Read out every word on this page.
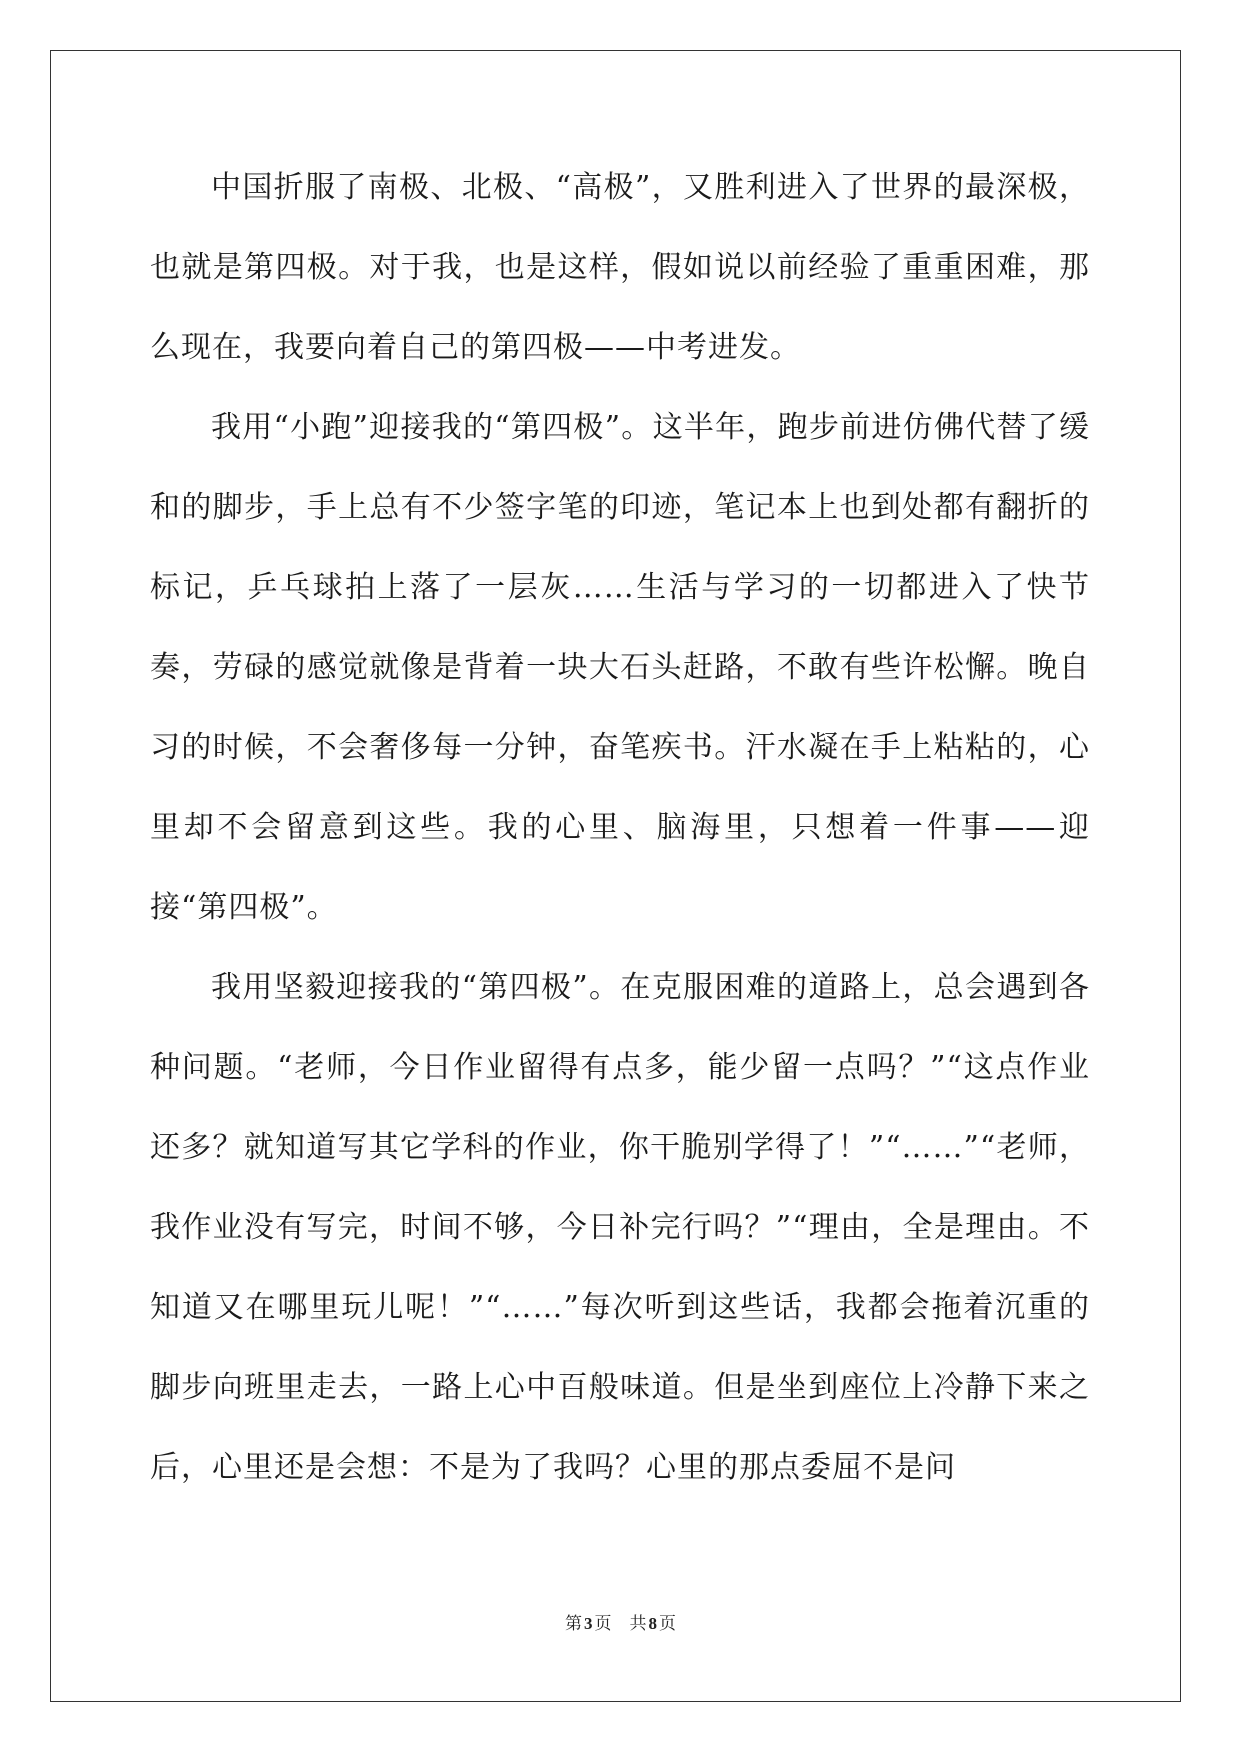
中国折服了南极、北极、“高极”，又胜利进入了世界的最深极，也就是第四极。对于我，也是这样，假如说以前经验了重重困难，那么现在，我要向着自己的第四极——中考进发。

我用“小跑”迎接我的“第四极”。这半年，跑步前进仿佛代替了缓和的脚步，手上总有不少签字笔的印迹，笔记本上也到处都有翻折的标记，乒乓球拍上落了一层灰……生活与学习的一切都进入了快节奏，劳碌的感觉就像是背着一块大石头赶路，不敢有些许松懈。晚自习的时候，不会奢侈每一分钟，奋笔疾书。汗水凝在手上粘粘的，心里却不会留意到这些。我的心里、脑海里，只想着一件事——迎接“第四极”。

我用坚毅迎接我的“第四极”。在克服困难的道路上，总会遇到各种问题。“老师，今日作业留得有点多，能少留一点吗？”“这点作业还多？就知道写其它学科的作业，你干脆别学得了！”“……”“老师，我作业没有写完，时间不够，今日补完行吗？”“理由，全是理由。不知道又在哪里玩儿呢！”“……”每次听到这些话，我都会拖着沉重的脚步向班里走去，一路上心中百般味道。但是坐到座位上冷静下来之后，心里还是会想：不是为了我吗？心里的那点委屈不是问

第 3 页 共 8 页
